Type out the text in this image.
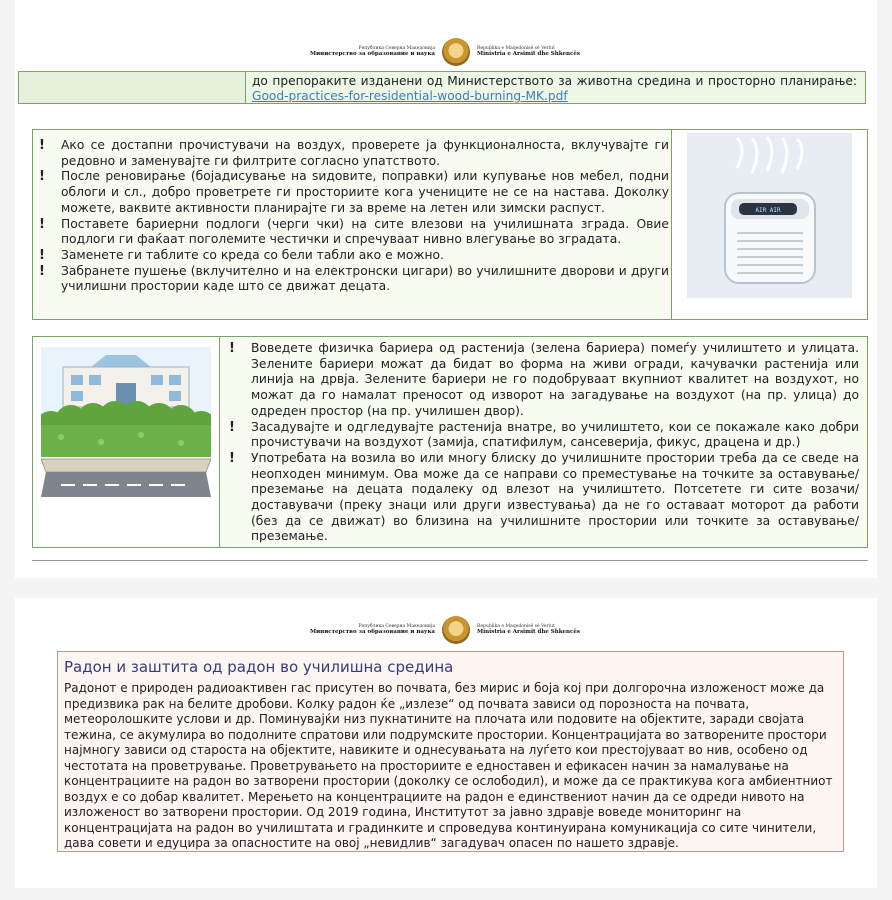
Република Северна Македонија
Министерство за образование и наука
Republika e Maqedonisë së Veriut
Ministria e Arsimit dhe Shkencës
до препораките изданени од Министерството за животна средина и просторно планирање: Good-practices-for-residential-wood-burning-MK.pdf
!	Ако се достапни прочистувачи на воздух, проверете ја функционалноста, вклучувајте ги редовно и заменувајте ги филтрите согласно упатството.
!	После реновирање (бојадисување на ѕидовите, поправки) или купување нов мебел, подни облоги и сл., добро проветрете ги просториите кога учениците не се на настава. Доколку можете, ваквите активности планирајте ги за време на летен или зимски распуст.
!	Поставете бариерни подлоги (черги чки) на сите влезови на училишната зграда. Овие подлоги ги фаќаат поголемите честички и спречуваат нивно влегување во зградата.
!	Заменете ги таблите со креда со бели табли ако е можно.
!	Забранете пушење (вклучително и на електронски цигари) во училишните дворови и други училишни простории каде што се движат децата.
AIR AIR
!	Воведете физичка бариера од растенија (зелена бариера) помеѓу училиштето и улицата. Зелените бариери можат да бидат во форма на живи огради, качувачки растенија или линија на дрвја. Зелените бариери не го подобруваат вкупниот квалитет на воздухот, но можат да го намалат преносот од изворот на загадување на воздухот (на пр. улица) до одреден простор (на пр. училишен двор).
!	Засадувајте и одгледувајте растенија внатре, во училиштето, кои се покажале како добри прочистувачи на воздухот (замија, спатифилум, сансеверија, фикус, драцена и др.)
!	Употребата на возила во или многу блиску до училишните простории треба да се сведе на неопходен минимум. Ова може да се направи со преместување на точките за оставување/преземање на децата подалеку од влезот на училиштето. Потсетете ги сите возачи/доставувачи (преку знаци или други известувања) да не го оставаат моторот да работи (без да се движат) во близина на училишните простории или точките за оставување/преземање.
Република Северна Македонија
Министерство за образование и наука
Republika e Maqedonisë së Veriut
Ministria e Arsimit dhe Shkencës
Радон и заштита од радон во училишна средина

Радонот е природен радиоактивен гас присутен во почвата, без мирис и боја кој при долгорочна изложеност може да предизвика рак на белите дробови. Колку радон ќе „излезе“ од почвата зависи од порозноста на почвата, метеоролошките услови и др. Поминувајќи низ пукнатините на плочата или подовите на објектите, заради својата тежина, се акумулира во подолните спратови или подрумските простории. Концентрацијата во затворените простори најмногу зависи од староста на објектите, навиките и однесувањата на луѓето кои престојуваат во нив, особено од честотата на проветрување. Проветрувањето на просториите е едноставен и ефикасен начин за намалување на концентрациите на радон во затворени простории (доколку се ослободил), и може да се практикува кога амбиентниот воздух е со добар квалитет. Мерењето на концентрациите на радон е единствениот начин да се одреди нивото на изложеност во затворени простории. Од 2019 година, Институтот за јавно здравје воведе мониторинг на концентрацијата на радон во училиштата и градинките и спроведува континуирана комуникација со сите чинители, дава совети и едуцира за опасностите на овој „невидлив“ загадувач опасен по нашето здравје.
